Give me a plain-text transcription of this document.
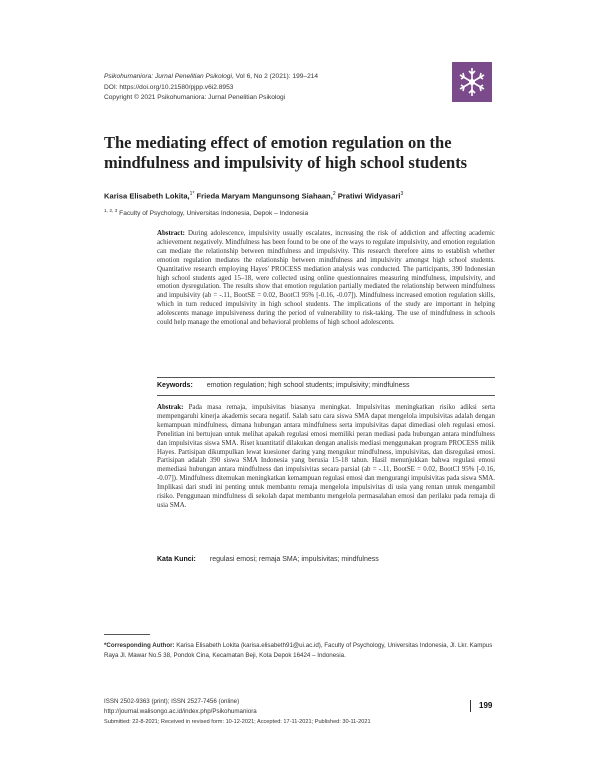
Psikohumaniora: Jurnal Penelitian Psikologi, Vol 6, No 2 (2021): 199–214
DOI: https://doi.org/10.21580/pjpp.v6i2.8953
Copyright © 2021 Psikohumaniora: Jurnal Penelitian Psikologi
The mediating effect of emotion regulation on the
mindfulness and impulsivity of high school students
Karisa Elisabeth Lokita,$^{1*}$ Frieda Maryam Mangunsong Siahaan,$^2$ Pratiwi Widyasari$^3$
$^{1, 2, 3}$ Faculty of Psychology, Universitas Indonesia, Depok – Indonesia
Abstract: During adolescence, impulsivity usually escalates, increasing the risk of addiction and affecting academic achievement negatively. Mindfulness has been found to be one of the ways to regulate impulsivity, and emotion regulation can mediate the relationship between mindfulness and impulsivity. This research therefore aims to establish whether emotion regulation mediates the relationship between mindfulness and impulsivity amongst high school students. Quantitative research employing Hayes' PROCESS mediation analysis was conducted. The participants, 390 Indonesian high school students aged 15–18, were collected using online questionnaires measuring mindfulness, impulsivity, and emotion dysregulation. The results show that emotion regulation partially mediated the relationship between mindfulness and impulsivity (ab = -.11, BootSE = 0.02, BootCI 95% [-0.16, -0.07]). Mindfulness increased emotion regulation skills, which in turn reduced impulsivity in high school students. The implications of the study are important in helping adolescents manage impulsiveness during the period of vulnerability to risk-taking. The use of mindfulness in schools could help manage the emotional and behavioral problems of high school adolescents.
Keywords: emotion regulation; high school students; impulsivity; mindfulness
Abstrak: Pada masa remaja, impulsivitas biasanya meningkat. Impulsivitas meningkatkan risiko adiksi serta mempengaruhi kinerja akademis secara negatif. Salah satu cara siswa SMA dapat mengelola impulsivitas adalah dengan kemampuan mindfulness, dimana hubungan antara mindfulness serta impulsivitas dapat dimediasi oleh regulasi emosi. Penelitian ini bertujuan untuk melihat apakah regulasi emosi memiliki peran mediasi pada hubungan antara mindfulness dan impulsivitas siswa SMA. Riset kuantitatif dilakukan dengan analisis mediasi menggunakan program PROCESS milik Hayes. Partisipan dikumpulkan lewat kuesioner daring yang mengukur mindfulness, impulsivitas, dan disregulasi emosi. Partisipan adalah 390 siswa SMA Indonesia yang berusia 15-18 tahun. Hasil menunjukkan bahwa regulasi emosi memediasi hubungan antara mindfulness dan impulsivitas secara parsial (ab = -.11, BootSE = 0.02, BootCI 95% [-0.16, -0.07]). Mindfulness ditemukan meningkatkan kemampuan regulasi emosi dan mengurangi impulsivitas pada siswa SMA. Implikasi dari studi ini penting untuk membantu remaja mengelola impulsivitas di usia yang rentan untuk mengambil risiko. Penggunaan mindfulness di sekolah dapat membantu mengelola permasalahan emosi dan perilaku pada remaja di usia SMA.
Kata Kunci: regulasi emosi; remaja SMA; impulsivitas; mindfulness
*Corresponding Author: Karisa Elisabeth Lokita (karisa.elisabeth91@ui.ac.id), Faculty of Psychology, Universitas Indonesia, Jl. Lkr. Kampus Raya Jl. Mawar No.5 38, Pondok Cina, Kecamatan Beji, Kota Depok 16424 – Indonesia.
ISSN 2502-9363 (print); ISSN 2527-7456 (online)
http://journal.walisongo.ac.id/index.php/Psikohumaniora
Submitted: 22-8-2021; Received in revised form: 10-12-2021; Accepted: 17-11-2021; Published: 30-11-2021
199
